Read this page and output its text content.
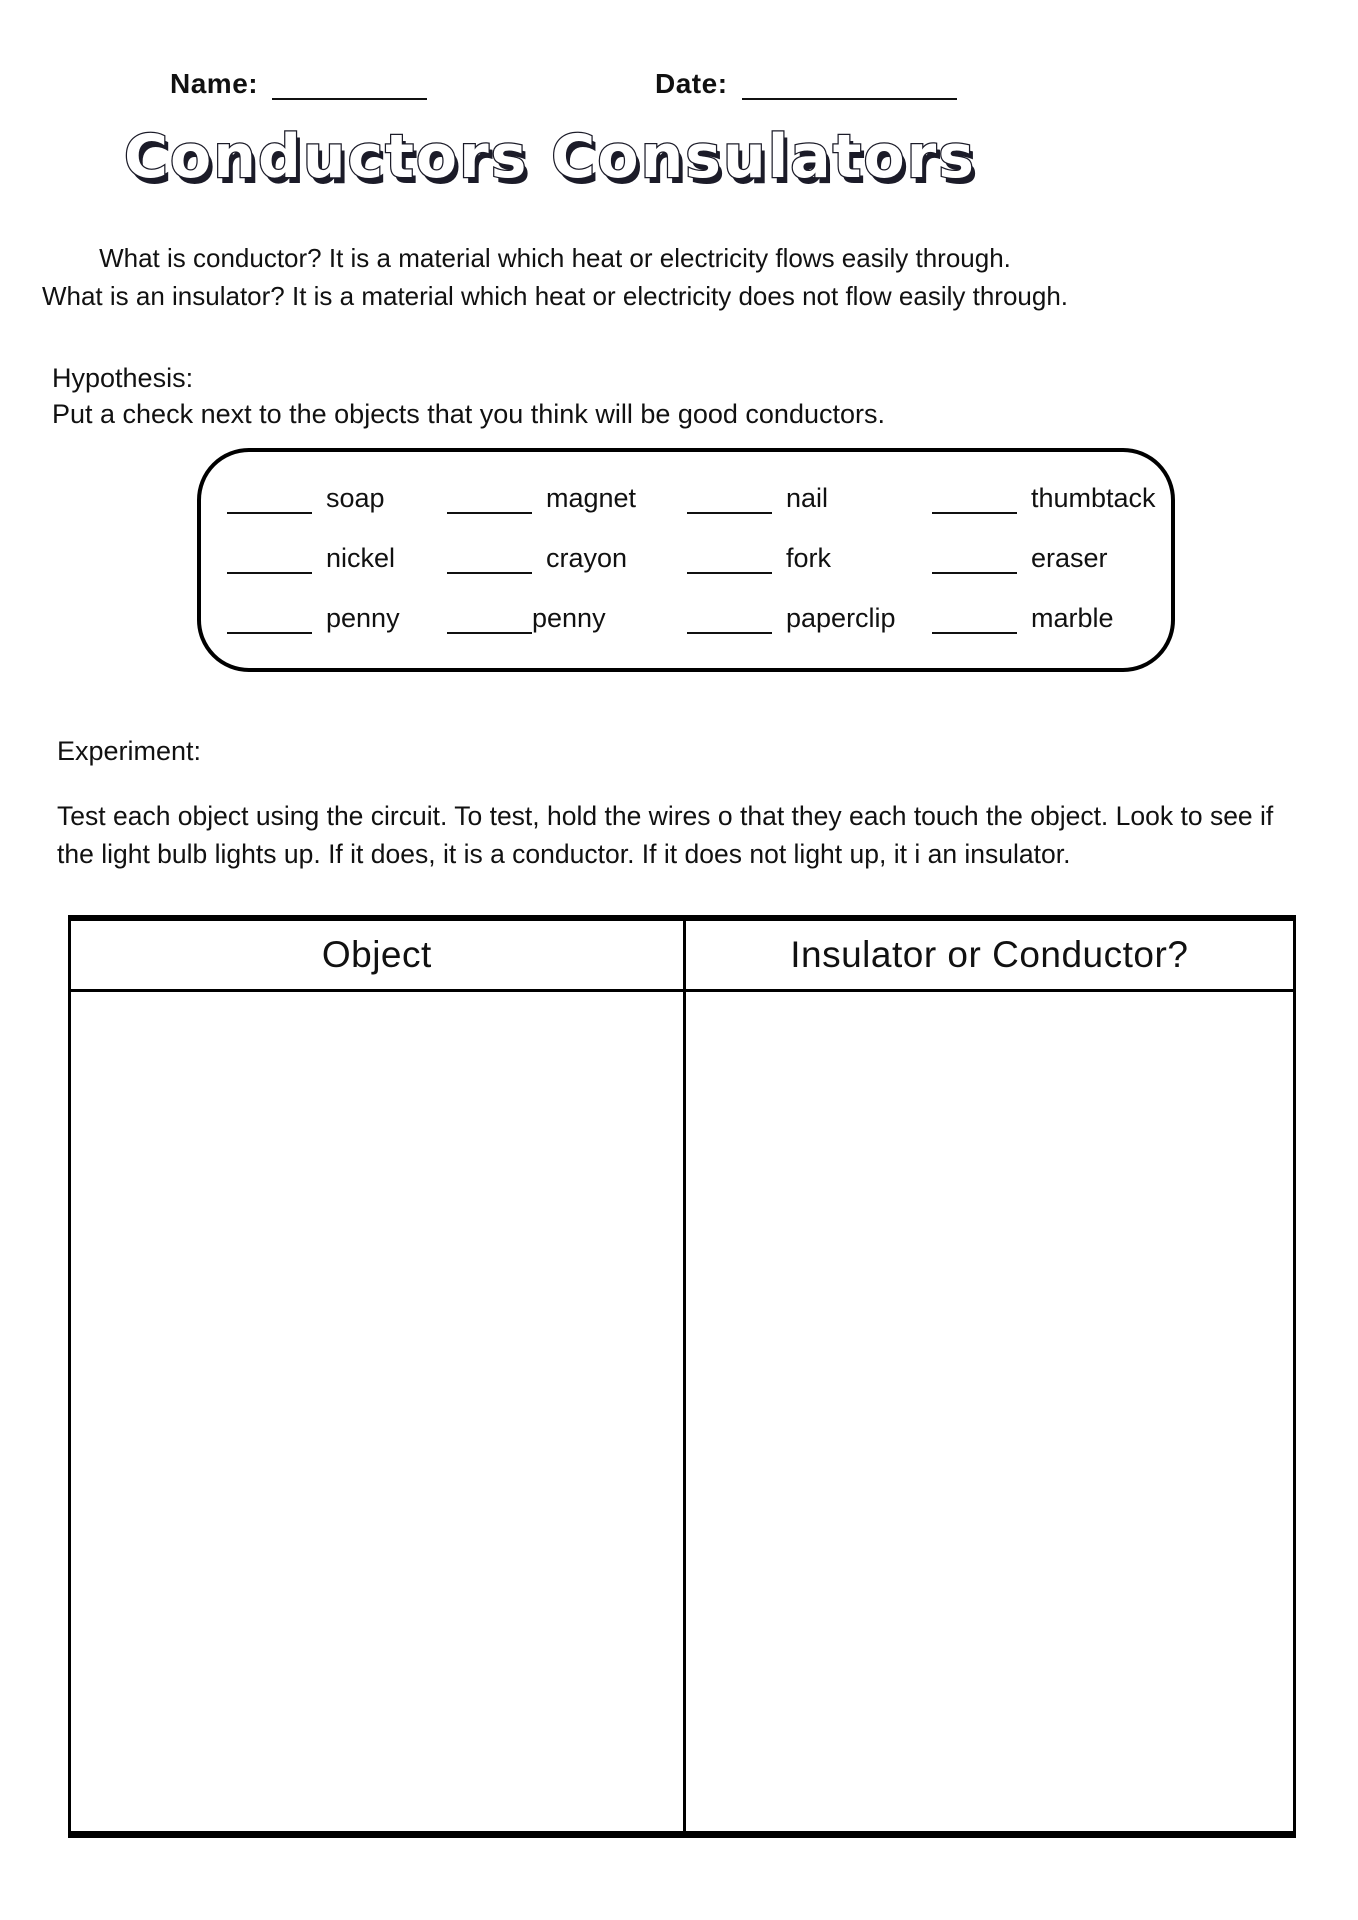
Name:	Date:
Conductors Consulators
What is conductor? It is a material which heat or electricity flows easily through.
What is an insulator? It is a material which heat or electricity does not flow easily through.
Hypothesis:
Put a check next to the objects that you think will be good conductors.
soap	magnet	nail	thumbtack
nickel	crayon	fork	eraser
penny	penny	paperclip	marble
Experiment:
Test each object using the circuit. To test, hold the wires o that they each touch the object. Look to see if the light bulb lights up. If it does, it is a conductor. If it does not light up, it i an insulator.
Object	Insulator or Conductor?
